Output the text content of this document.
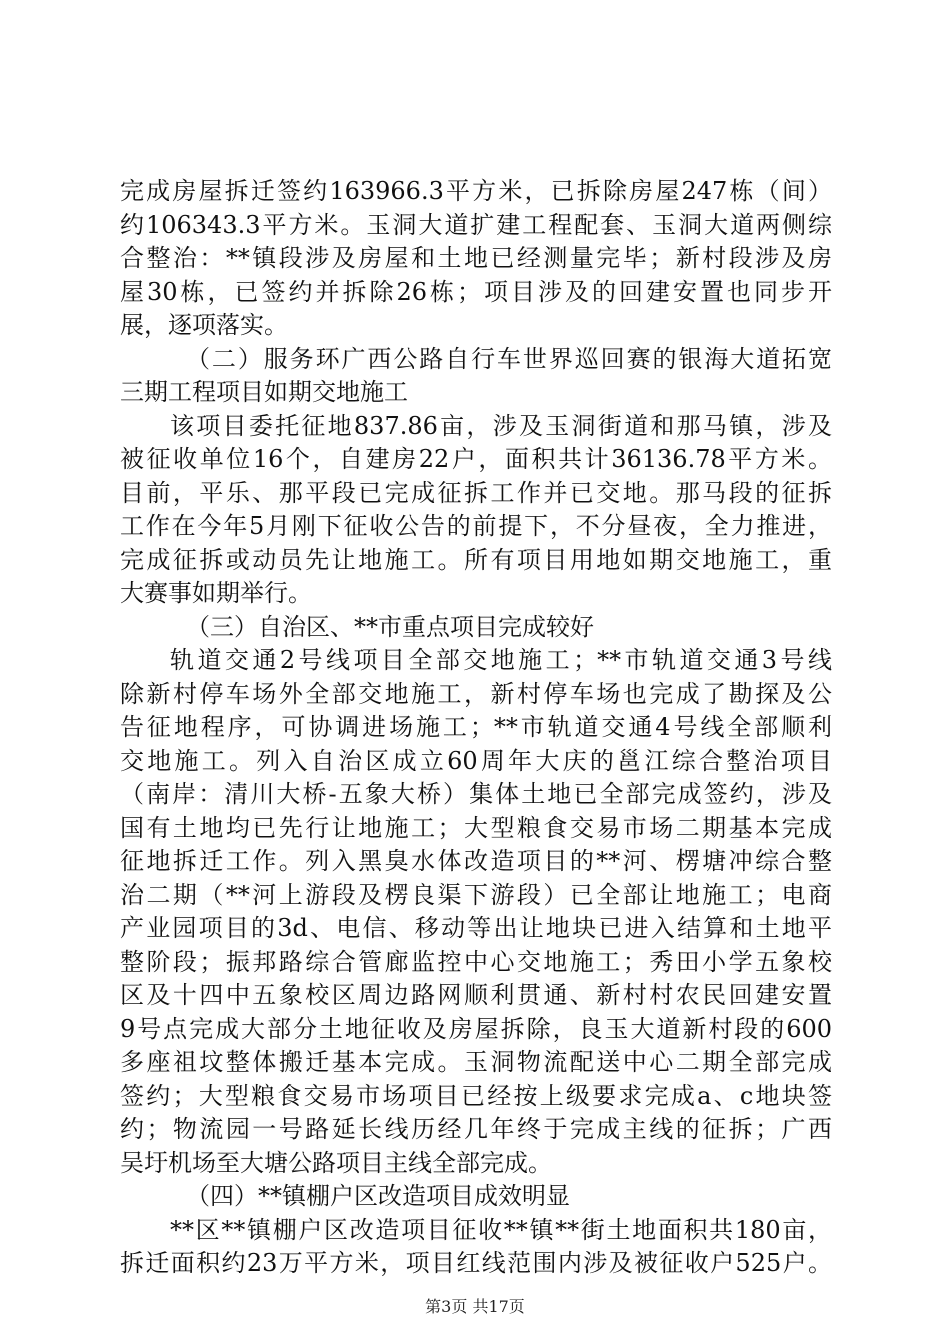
完成房屋拆迁签约163966.3平方米，已拆除房屋247栋（间）
约106343.3平方米。玉洞大道扩建工程配套、玉洞大道两侧综
合整治：**镇段涉及房屋和土地已经测量完毕；新村段涉及房
屋30栋，已签约并拆除26栋；项目涉及的回建安置也同步开
展，逐项落实。
（二）服务环广西公路自行车世界巡回赛的银海大道拓宽
三期工程项目如期交地施工
该项目委托征地837.86亩，涉及玉洞街道和那马镇，涉及
被征收单位16个，自建房22户，面积共计36136.78平方米。
目前，平乐、那平段已完成征拆工作并已交地。那马段的征拆
工作在今年5月刚下征收公告的前提下，不分昼夜，全力推进，
完成征拆或动员先让地施工。所有项目用地如期交地施工，重
大赛事如期举行。
（三）自治区、**市重点项目完成较好
轨道交通2号线项目全部交地施工；**市轨道交通3号线
除新村停车场外全部交地施工，新村停车场也完成了勘探及公
告征地程序，可协调进场施工；**市轨道交通4号线全部顺利
交地施工。列入自治区成立60周年大庆的邕江综合整治项目
（南岸：清川大桥-五象大桥）集体土地已全部完成签约，涉及
国有土地均已先行让地施工；大型粮食交易市场二期基本完成
征地拆迁工作。列入黑臭水体改造项目的**河、楞塘冲综合整
治二期（**河上游段及楞良渠下游段）已全部让地施工；电商
产业园项目的3d、电信、移动等出让地块已进入结算和土地平
整阶段；振邦路综合管廊监控中心交地施工；秀田小学五象校
区及十四中五象校区周边路网顺利贯通、新村村农民回建安置
9号点完成大部分土地征收及房屋拆除，良玉大道新村段的600
多座祖坟整体搬迁基本完成。玉洞物流配送中心二期全部完成
签约；大型粮食交易市场项目已经按上级要求完成a、c地块签
约；物流园一号路延长线历经几年终于完成主线的征拆；广西
吴圩机场至大塘公路项目主线全部完成。
（四）**镇棚户区改造项目成效明显
**区**镇棚户区改造项目征收**镇**街土地面积共180亩，
拆迁面积约23万平方米，项目红线范围内涉及被征收户525户。
第3页 共17页
